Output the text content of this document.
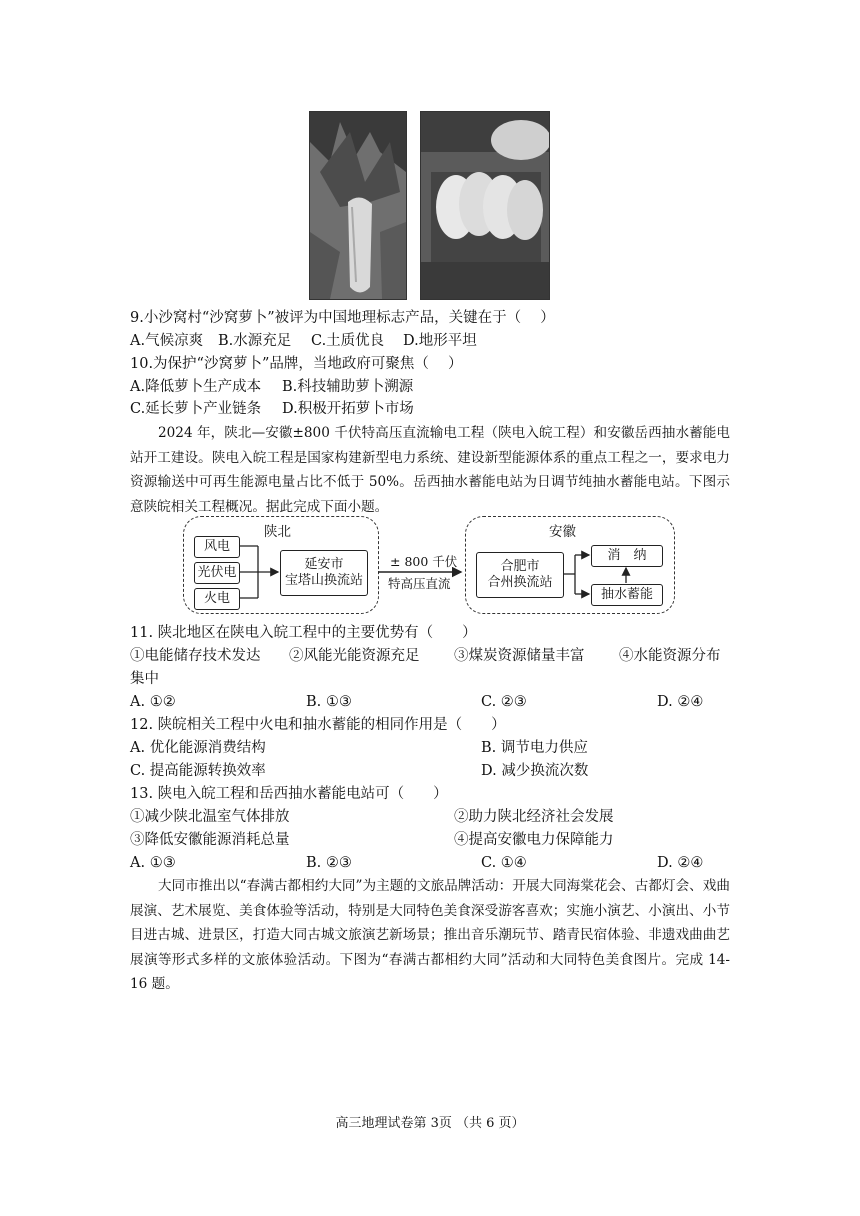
9.小沙窝村“沙窝萝卜”被评为中国地理标志产品，关键在于（　 ）
A.气候凉爽 B.水源充足 C.土质优良 D.地形平坦
10.为保护“沙窝萝卜”品牌，当地政府可聚焦（　 ）
A.降低萝卜生产成本 B.科技辅助萝卜溯源
C.延长萝卜产业链条 D.积极开拓萝卜市场
2024 年，陕北—安徽±800 千伏特高压直流输电工程（陕电入皖工程）和安徽岳西抽水蓄能电站开工建设。陕电入皖工程是国家构建新型电力系统、建设新型能源体系的重点工程之一，要求电力资源输送中可再生能源电量占比不低于 50%。岳西抽水蓄能电站为日调节纯抽水蓄能电站。下图示意陕皖相关工程概况。据此完成下面小题。
陕北
风电
光伏电
火电
延安市
宝塔山换流站
± 800 千伏
特高压直流
安徽
合肥市
合州换流站
消　纳
抽水蓄能
11. 陕北地区在陕电入皖工程中的主要优势有（　　）
①电能储存技术发达 ②风能光能资源充足 ③煤炭资源储量丰富 ④水能资源分布
集中
A. ①②	B. ①③	C. ②③	D. ②④
12. 陕皖相关工程中火电和抽水蓄能的相同作用是（　　）
A. 优化能源消费结构	B. 调节电力供应
C. 提高能源转换效率	D. 减少换流次数
13. 陕电入皖工程和岳西抽水蓄能电站可（　　）
①减少陕北温室气体排放	②助力陕北经济社会发展
③降低安徽能源消耗总量	④提高安徽电力保障能力
A. ①③	B. ②③	C. ①④	D. ②④
大同市推出以“春满古都相约大同”为主题的文旅品牌活动：开展大同海棠花会、古都灯会、戏曲展演、艺术展览、美食体验等活动，特别是大同特色美食深受游客喜欢；实施小演艺、小演出、小节目进古城、进景区，打造大同古城文旅演艺新场景；推出音乐潮玩节、踏青民宿体验、非遗戏曲曲艺展演等形式多样的文旅体验活动。下图为“春满古都相约大同”活动和大同特色美食图片。完成 14-16 题。
高三地理试卷第 3页 （共 6 页）
